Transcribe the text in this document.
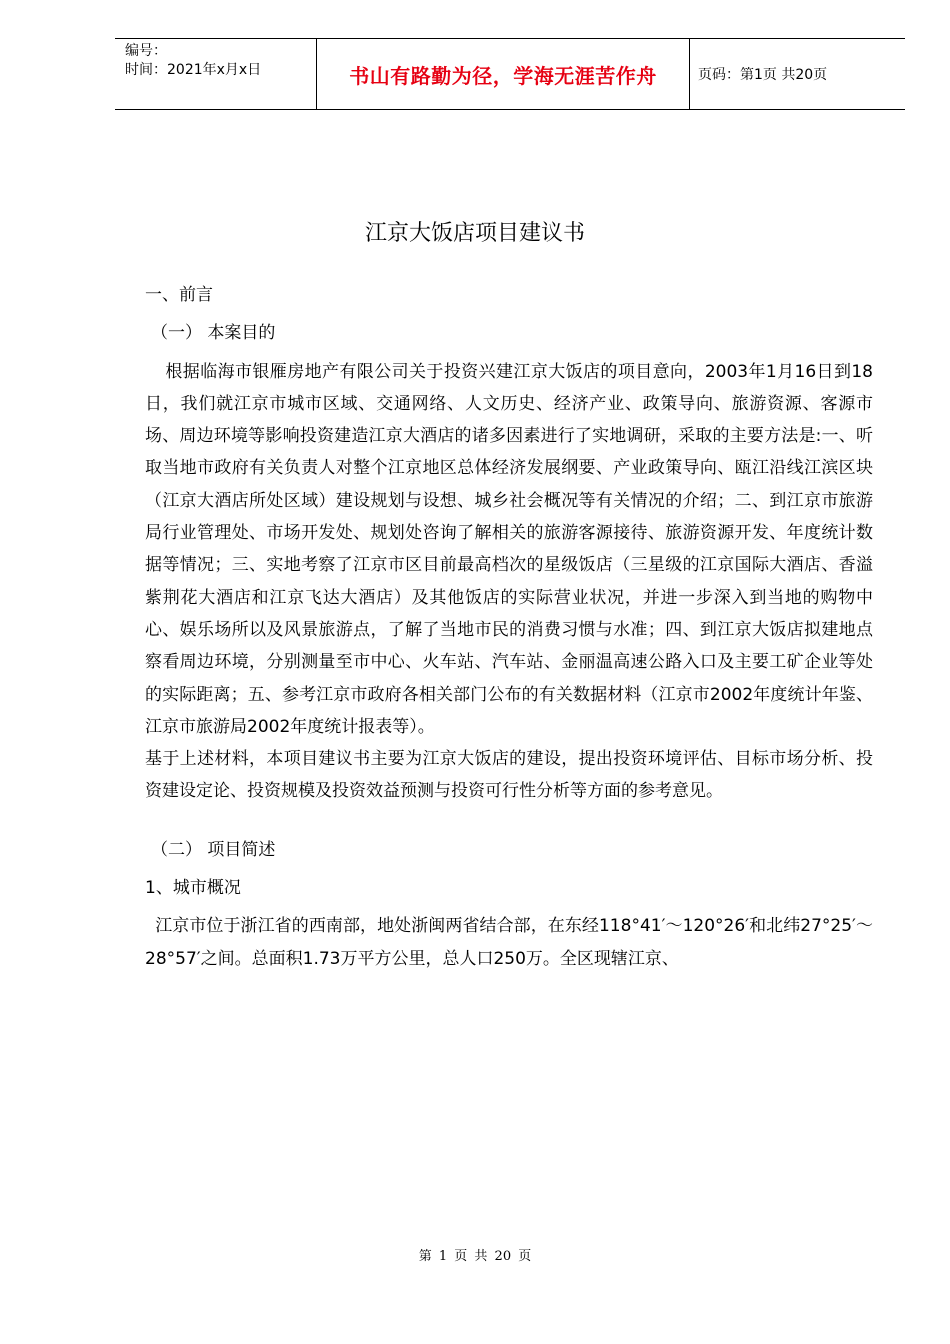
编号：
时间：2021年x月x日	书山有路勤为径，学海无涯苦作舟	页码：第1页 共20页
江京大饭店项目建议书

一、前言

（一） 本案目的

根据临海市银雁房地产有限公司关于投资兴建江京大饭店的项目意向，2003年1月16日到18日，我们就江京市城市区域、交通网络、人文历史、经济产业、政策导向、旅游资源、客源市场、周边环境等影响投资建造江京大酒店的诸多因素进行了实地调研，采取的主要方法是:一、听取当地市政府有关负责人对整个江京地区总体经济发展纲要、产业政策导向、瓯江沿线江滨区块（江京大酒店所处区域）建设规划与设想、城乡社会概况等有关情况的介绍；二、到江京市旅游局行业管理处、市场开发处、规划处咨询了解相关的旅游客源接待、旅游资源开发、年度统计数据等情况；三、实地考察了江京市区目前最高档次的星级饭店（三星级的江京国际大酒店、香溢紫荆花大酒店和江京飞达大酒店）及其他饭店的实际营业状况，并进一步深入到当地的购物中心、娱乐场所以及风景旅游点，了解了当地市民的消费习惯与水准；四、到江京大饭店拟建地点察看周边环境，分别测量至市中心、火车站、汽车站、金丽温高速公路入口及主要工矿企业等处的实际距离；五、参考江京市政府各相关部门公布的有关数据材料（江京市2002年度统计年鉴、江京市旅游局2002年度统计报表等）。

基于上述材料，本项目建议书主要为江京大饭店的建设，提出投资环境评估、目标市场分析、投资建设定论、投资规模及投资效益预测与投资可行性分析等方面的参考意见。

（二） 项目简述

1、城市概况

江京市位于浙江省的西南部，地处浙闽两省结合部，在东经118°41′～120°26′和北纬27°25′～28°57′之间。总面积1.73万平方公里，总人口250万。全区现辖江京、

第 1 页 共 20 页
